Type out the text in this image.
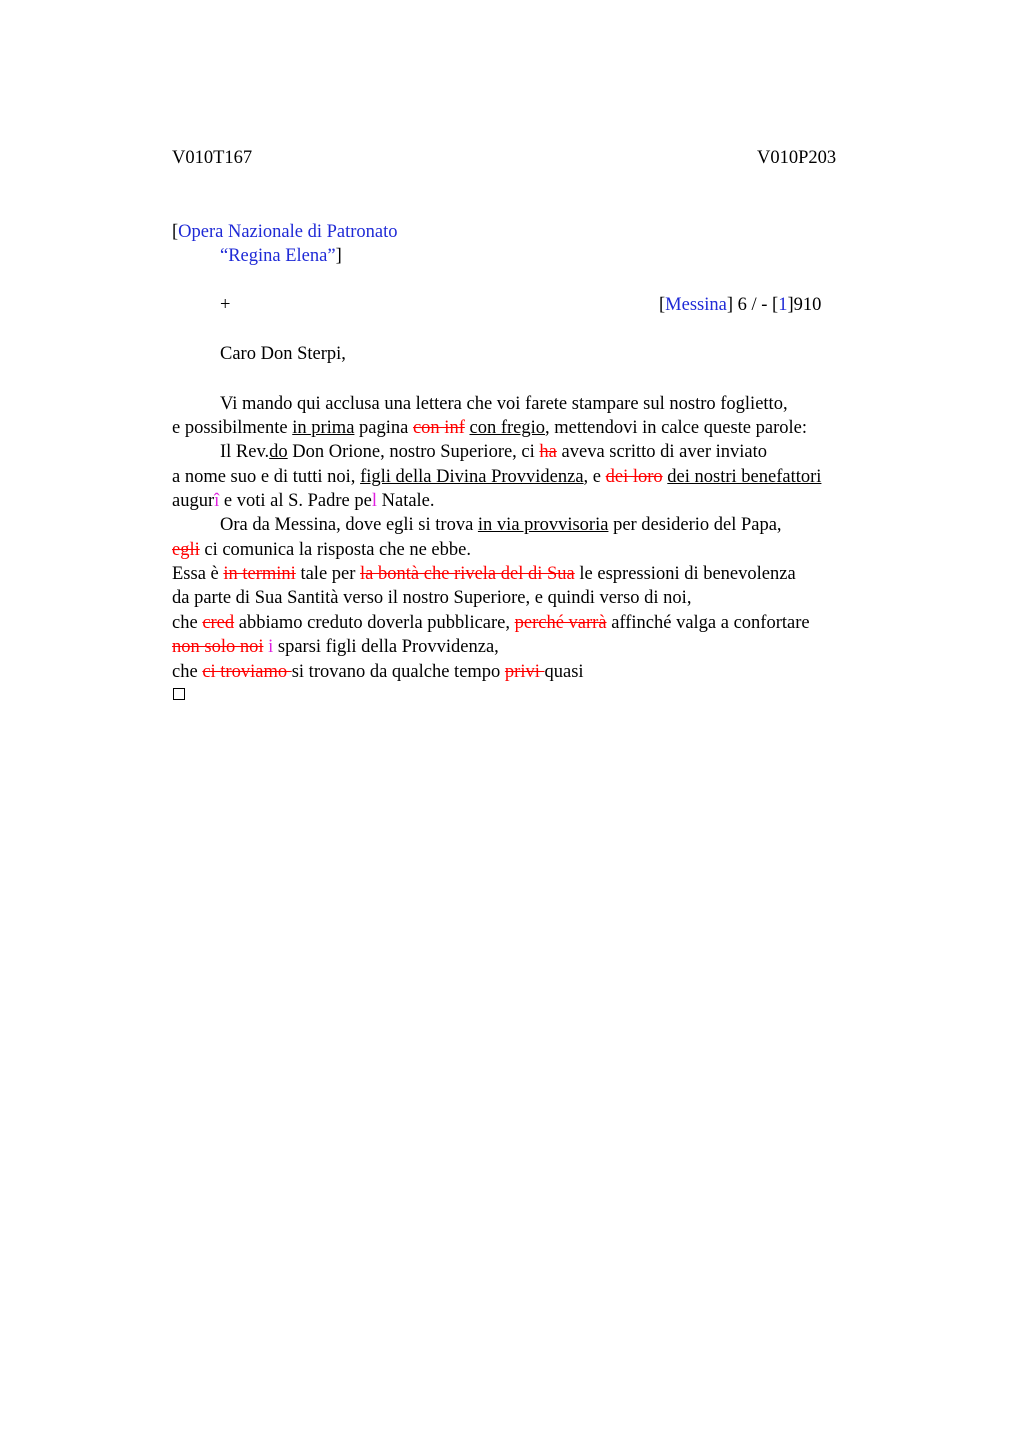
V010T167	V010P203
[Opera Nazionale di Patronato
“Regina Elena”]
+	[Messina] 6 / - [1]910
Caro Don Sterpi,
Vi mando qui acclusa una lettera che voi farete stampare sul nostro foglietto,
e possibilmente in prima pagina con inf con fregio, mettendovi in calce queste parole:
Il Rev.do Don Orione, nostro Superiore, ci ha aveva scritto di aver inviato
a nome suo e di tutti noi, figli della Divina Provvidenza, e dei loro dei nostri benefattori
augurî e voti al S. Padre pel Natale.
Ora da Messina, dove egli si trova in via provvisoria per desiderio del Papa,
egli ci comunica la risposta che ne ebbe.
Essa è in termini tale per la bontà che rivela del di Sua le espressioni di benevolenza
da parte di Sua Santità verso il nostro Superiore, e quindi verso di noi,
che cred abbiamo creduto doverla pubblicare, perché varrà affinché valga a confortare
non solo noi i sparsi figli della Provvidenza,
che ci troviamo si trovano da qualche tempo privi quasi
